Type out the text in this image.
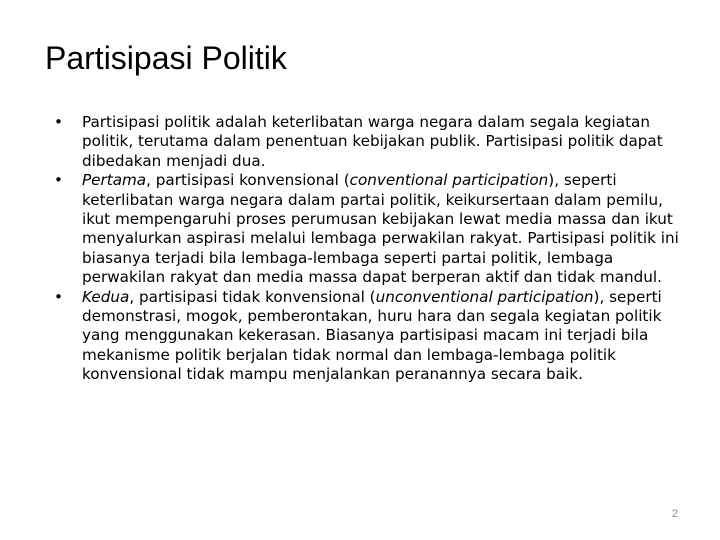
Partisipasi Politik
•	Partisipasi politik adalah keterlibatan warga negara dalam segala kegiatan politik, terutama dalam penentuan kebijakan publik. Partisipasi politik dapat dibedakan menjadi dua.
•	Pertama, partisipasi konvensional (conventional participation), seperti keterlibatan warga negara dalam partai politik, keikursertaan dalam pemilu, ikut mempengaruhi proses perumusan kebijakan lewat media massa dan ikut menyalurkan aspirasi melalui lembaga perwakilan rakyat. Partisipasi politik ini biasanya terjadi bila lembaga-lembaga seperti partai politik, lembaga perwakilan rakyat dan media massa dapat berperan aktif dan tidak mandul.
•	Kedua, partisipasi tidak konvensional (unconventional participation), seperti demonstrasi, mogok, pemberontakan, huru hara dan segala kegiatan politik yang menggunakan kekerasan. Biasanya partisipasi macam ini terjadi bila mekanisme politik berjalan tidak normal dan lembaga-lembaga politik konvensional tidak mampu menjalankan peranannya secara baik.
2
